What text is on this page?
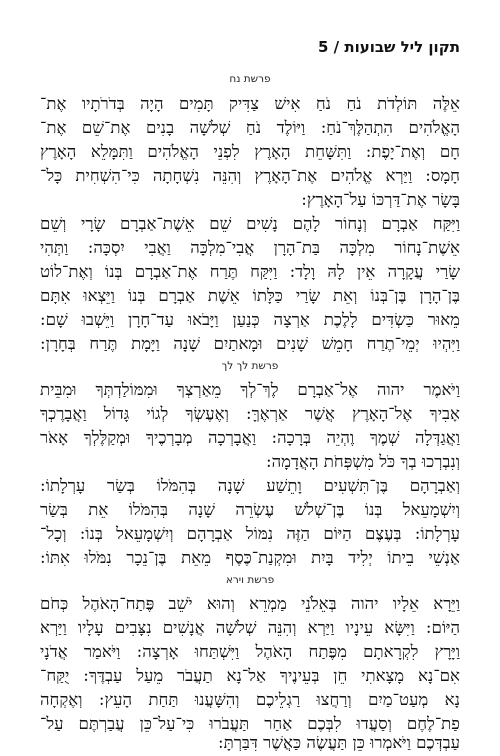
תקון ליל שבועות / 5
פרשת נח
אֵלֶּה תּוֹלְדֹת נֹחַ נֹחַ אִישׁ צַדִּיק תָּמִים הָיָה בְּדֹרֹתָיו אֶת־
הָאֱלֹהִים הִתְהַלֶּךְ־נֹחַ: וַיּוֹלֶד נֹחַ שְׁלֹשָׁה בָנִים אֶת־שֵׁם אֶת־
חָם וְאֶת־יָפֶת: וַתִּשָּׁחֵת הָאָרֶץ לִפְנֵי הָאֱלֹהִים וַתִּמָּלֵא הָאָרֶץ
חָמָס: וַיַּרְא אֱלֹהִים אֶת־הָאָרֶץ וְהִנֵּה נִשְׁחָתָה כִּי־הִשְׁחִית כָּל־
בָּשָׂר אֶת־דַּרְכּוֹ עַל־הָאָרֶץ:
וַיִּקַּח אַבְרָם וְנָחוֹר לָהֶם נָשִׁים שֵׁם אֵשֶׁת־אַבְרָם שָׂרָי וְשֵׁם
אֵשֶׁת־נָחוֹר מִלְכָּה בַּת־הָרָן אֲבִי־מִלְכָּה וַאֲבִי יִסְכָּה: וַתְּהִי
שָׂרַי עֲקָרָה אֵין לָהּ וָלָד: וַיִּקַּח תֶּרַח אֶת־אַבְרָם בְּנוֹ וְאֶת־לוֹט
בֶּן־הָרָן בֶּן־בְּנוֹ וְאֵת שָׂרַי כַּלָּתוֹ אֵשֶׁת אַבְרָם בְּנוֹ וַיֵּצְאוּ אִתָּם
מֵאוּר כַּשְׂדִּים לָלֶכֶת אַרְצָה כְּנַעַן וַיָּבֹאוּ עַד־חָרָן וַיֵּשְׁבוּ שָׁם:
וַיִּהְיוּ יְמֵי־תֶרַח חָמֵשׁ שָׁנִים וּמָאתַיִם שָׁנָה וַיָּמָת תֶּרַח בְּחָרָן:
פרשת לך לך
וַיֹּאמֶר יהוה אֶל־אַבְרָם לֶךְ־לְךָ מֵאַרְצְךָ וּמִמּוֹלַדְתְּךָ וּמִבֵּית
אָבִיךָ אֶל־הָאָרֶץ אֲשֶׁר אַרְאֶךָּ: וְאֶעֶשְׂךָ לְגוֹי גָּדוֹל וַאֲבָרֶכְךָ
וַאֲגַדְּלָה שְׁמֶךָ וֶהְיֵה בְּרָכָה: וַאֲבָרְכָה מְבָרְכֶיךָ וּמְקַלֶּלְךָ אָאֹר
וְנִבְרְכוּ בְךָ כֹּל מִשְׁפְּחֹת הָאֲדָמָה:
וְאַבְרָהָם בֶּן־תִּשְׁעִים וָתֵשַׁע שָׁנָה בְּהִמֹּלוֹ בְּשַׂר עָרְלָתוֹ:
וְיִשְׁמָעֵאל בְּנוֹ בֶּן־שְׁלֹשׁ עֶשְׂרֵה שָׁנָה בְּהִמֹּלוֹ אֵת בְּשַׂר
עָרְלָתוֹ: בְּעֶצֶם הַיּוֹם הַזֶּה נִמּוֹל אַבְרָהָם וְיִשְׁמָעֵאל בְּנוֹ: וְכָל־
אַנְשֵׁי בֵיתוֹ יְלִיד בָּיִת וּמִקְנַת־כֶּסֶף מֵאֵת בֶּן־נֵכָר נִמֹּלוּ אִתּוֹ:
פרשת וירא
וַיֵּרָא אֵלָיו יהוה בְּאֵלֹנֵי מַמְרֵא וְהוּא יֹשֵׁב פֶּתַח־הָאֹהֶל כְּחֹם
הַיּוֹם: וַיִּשָּׂא עֵינָיו וַיַּרְא וְהִנֵּה שְׁלֹשָׁה אֲנָשִׁים נִצָּבִים עָלָיו וַיַּרְא
וַיָּרָץ לִקְרָאתָם מִפֶּתַח הָאֹהֶל וַיִּשְׁתַּחוּ אָרְצָה: וַיֹּאמַר אֲדֹנָי
אִם־נָא מָצָאתִי חֵן בְּעֵינֶיךָ אַל־נָא תַעֲבֹר מֵעַל עַבְדֶּךָ: יֻקַּח־
נָא מְעַט־מַיִם וְרַחֲצוּ רַגְלֵיכֶם וְהִשָּׁעֲנוּ תַּחַת הָעֵץ: וְאֶקְחָה
פַת־לֶחֶם וְסַעֲדוּ לִבְּכֶם אַחַר תַּעֲבֹרוּ כִּי־עַל־כֵּן עֲבַרְתֶּם עַל־
עַבְדְּכֶם וַיֹּאמְרוּ כֵּן תַּעֲשֶׂה כַּאֲשֶׁר דִּבַּרְתָּ:
